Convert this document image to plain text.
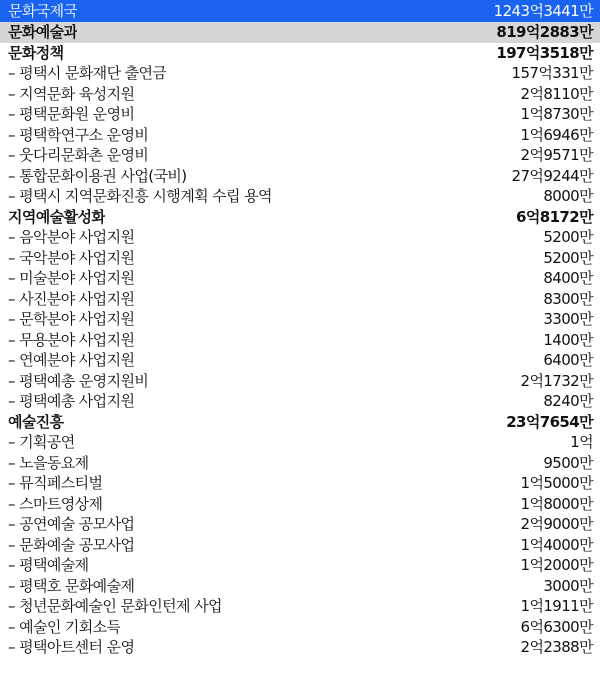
문화국제국	1243억3441만
문화예술과	819억2883만
문화정책	197억3518만
– 평택시 문화재단 출연금	157억331만
– 지역문화 육성지원	2억8110만
– 평택문화원 운영비	1억8730만
– 평택학연구소 운영비	1억6946만
– 웃다리문화촌 운영비	2억9571만
– 통합문화이용권 사업(국비)	27억9244만
– 평택시 지역문화진흥 시행계획 수립 용역	8000만
지역예술활성화	6억8172만
– 음악분야 사업지원	5200만
– 국악분야 사업지원	5200만
– 미술분야 사업지원	8400만
– 사진분야 사업지원	8300만
– 문학분야 사업지원	3300만
– 무용분야 사업지원	1400만
– 연예분야 사업지원	6400만
– 평택예총 운영지원비	2억1732만
– 평택예총 사업지원	8240만
예술진흥	23억7654만
– 기획공연	1억
– 노을동요제	9500만
– 뮤직페스티벌	1억5000만
– 스마트영상제	1억8000만
– 공연예술 공모사업	2억9000만
– 문화예술 공모사업	1억4000만
– 평택예술제	1억2000만
– 평택호 문화예술제	3000만
– 청년문화예술인 문화인턴제 사업	1억1911만
– 예술인 기회소득	6억6300만
– 평택아트센터 운영	2억2388만
